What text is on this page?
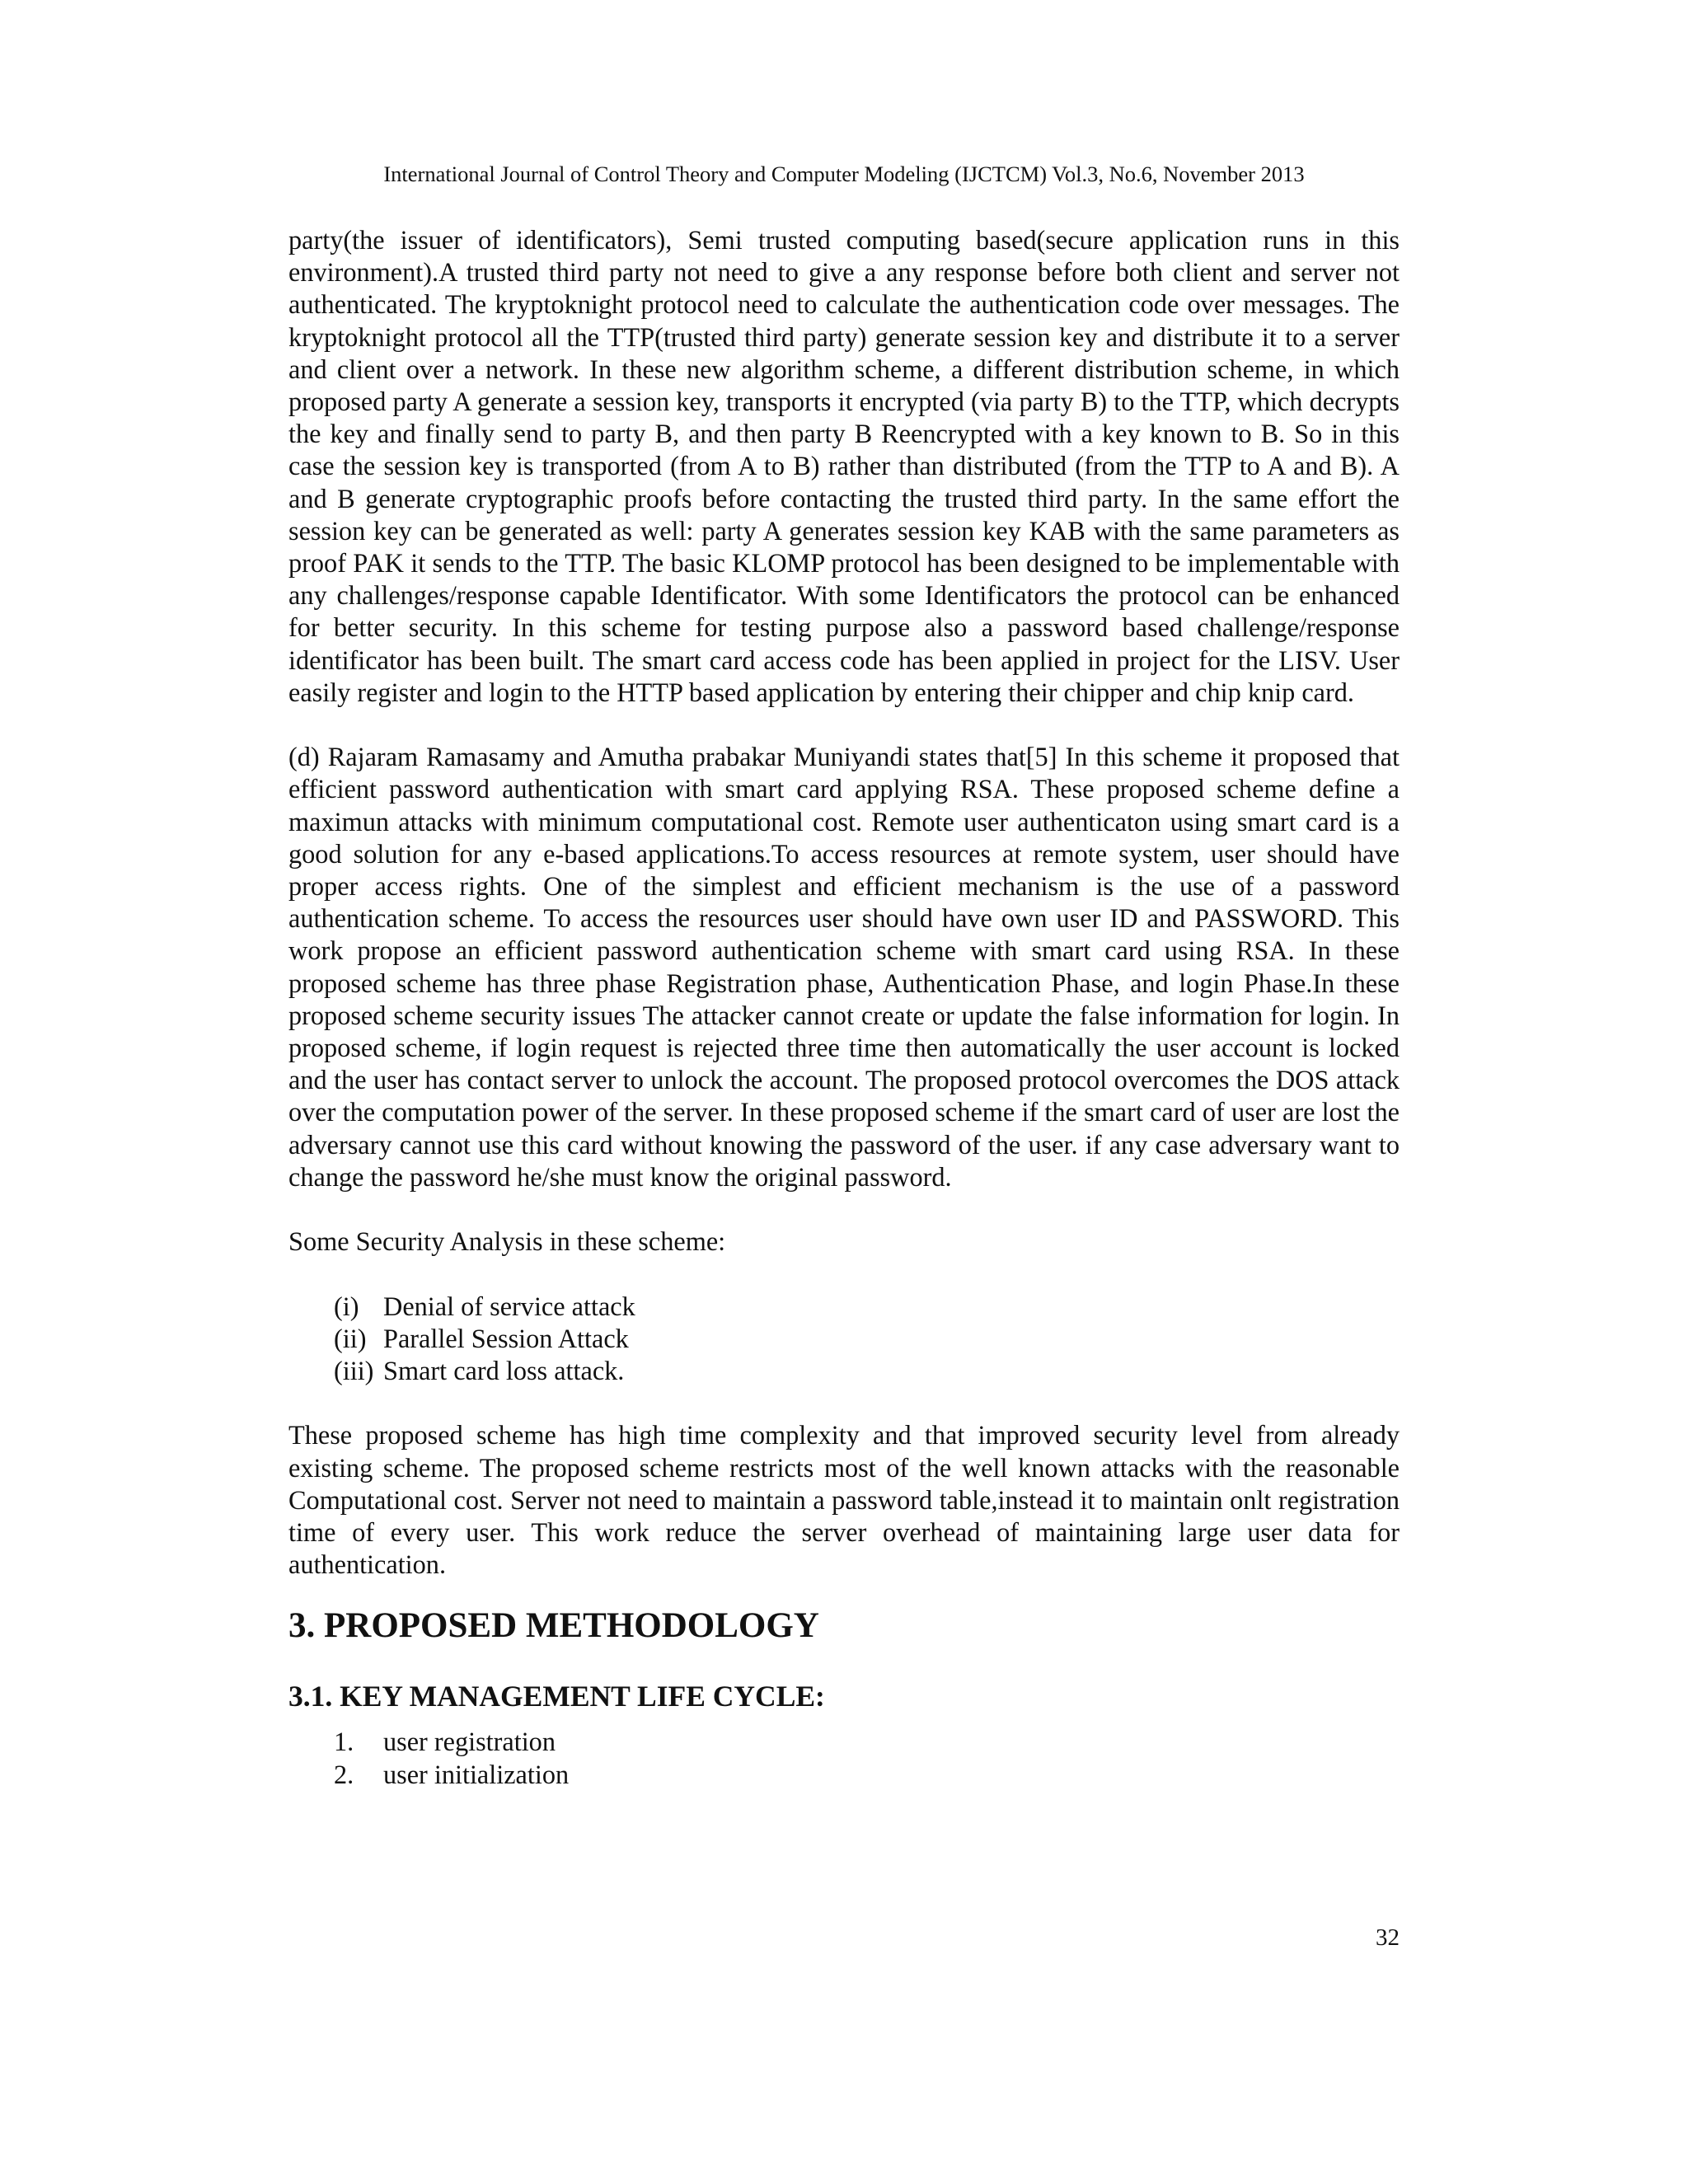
International Journal of Control Theory and Computer Modeling (IJCTCM) Vol.3, No.6, November 2013

party(the issuer of identificators), Semi trusted computing based(secure application runs in this environment).A trusted third party not need to give a any response before both client and server not authenticated. The kryptoknight protocol need to calculate the authentication code over messages. The kryptoknight protocol all the TTP(trusted third party) generate session key and distribute it to a server and client over a network. In these new algorithm scheme, a different distribution scheme, in which proposed party A generate a session key, transports it encrypted (via party B) to the TTP, which decrypts the key and finally send to party B, and then party B Reencrypted with a key known to B. So in this case the session key is transported (from A to B) rather than distributed (from the TTP to A and B). A and B generate cryptographic proofs before contacting the trusted third party. In the same effort the session key can be generated as well: party A generates session key KAB with the same parameters as proof PAK it sends to the TTP. The basic KLOMP protocol has been designed to be implementable with any challenges/response capable Identificator. With some Identificators the protocol can be enhanced for better security. In this scheme for testing purpose also a password based challenge/response identificator has been built. The smart card access code has been applied in project for the LISV. User easily register and login to the HTTP based application by entering their chipper and chip knip card.

(d) Rajaram Ramasamy and Amutha prabakar Muniyandi states that[5] In this scheme it proposed that efficient password authentication with smart card applying RSA. These proposed scheme define a maximun attacks with minimum computational cost. Remote user authenticaton using smart card is a good solution for any e-based applications.To access resources at remote system, user should have proper access rights. One of the simplest and efficient mechanism is the use of a password authentication scheme. To access the resources user should have own user ID and PASSWORD. This work propose an efficient password authentication scheme with smart card using RSA. In these proposed scheme has three phase Registration phase, Authentication Phase, and login Phase.In these proposed scheme security issues The attacker cannot create or update the false information for login. In proposed scheme, if login request is rejected three time then automatically the user account is locked and the user has contact server to unlock the account. The proposed protocol overcomes the DOS attack over the computation power of the server. In these proposed scheme if the smart card of user are lost the adversary cannot use this card without knowing the password of the user. if any case adversary want to change the password he/she must know the original password.

Some Security Analysis in these scheme:

(i) Denial of service attack
(ii) Parallel Session Attack
(iii) Smart card loss attack.

These proposed scheme has high time complexity and that improved security level from already existing scheme. The proposed scheme restricts most of the well known attacks with the reasonable Computational cost. Server not need to maintain a password table,instead it to maintain onlt registration time of every user. This work reduce the server overhead of maintaining large user data for authentication.

3. PROPOSED METHODOLOGY
3.1. KEY MANAGEMENT LIFE CYCLE:
1.	user registration
2.	user initialization
32
